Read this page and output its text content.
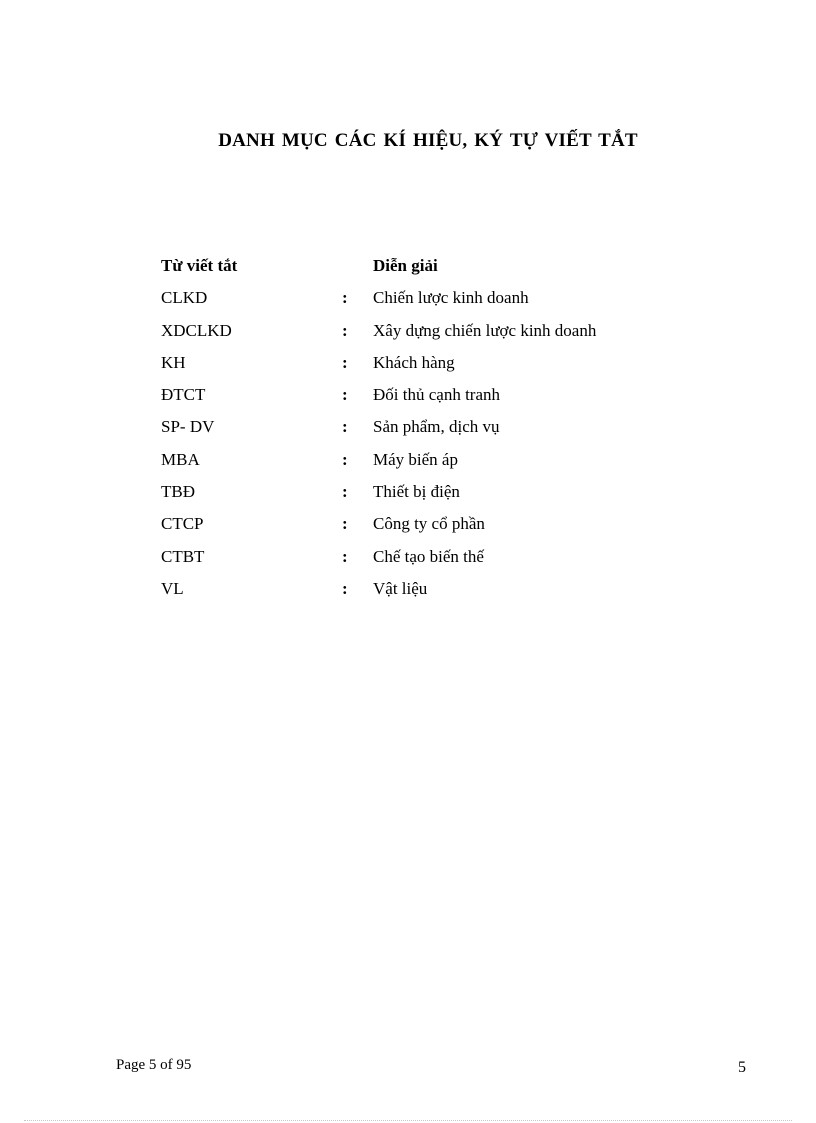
DANH MỤC CÁC KÍ HIỆU, KÝ TỰ VIẾT TẮT
Từ viết tắt	Diễn giải
CLKD	: Chiến lược kinh doanh
XDCLKD	: Xây dựng chiến lược kinh doanh
KH	: Khách hàng
ĐTCT	: Đối thủ cạnh tranh
SP- DV	: Sản phẩm, dịch vụ
MBA	: Máy biến áp
TBĐ	: Thiết bị điện
CTCP	: Công ty cổ phần
CTBT	: Chế tạo biến thế
VL	: Vật liệu
Page 5 of 95	5
